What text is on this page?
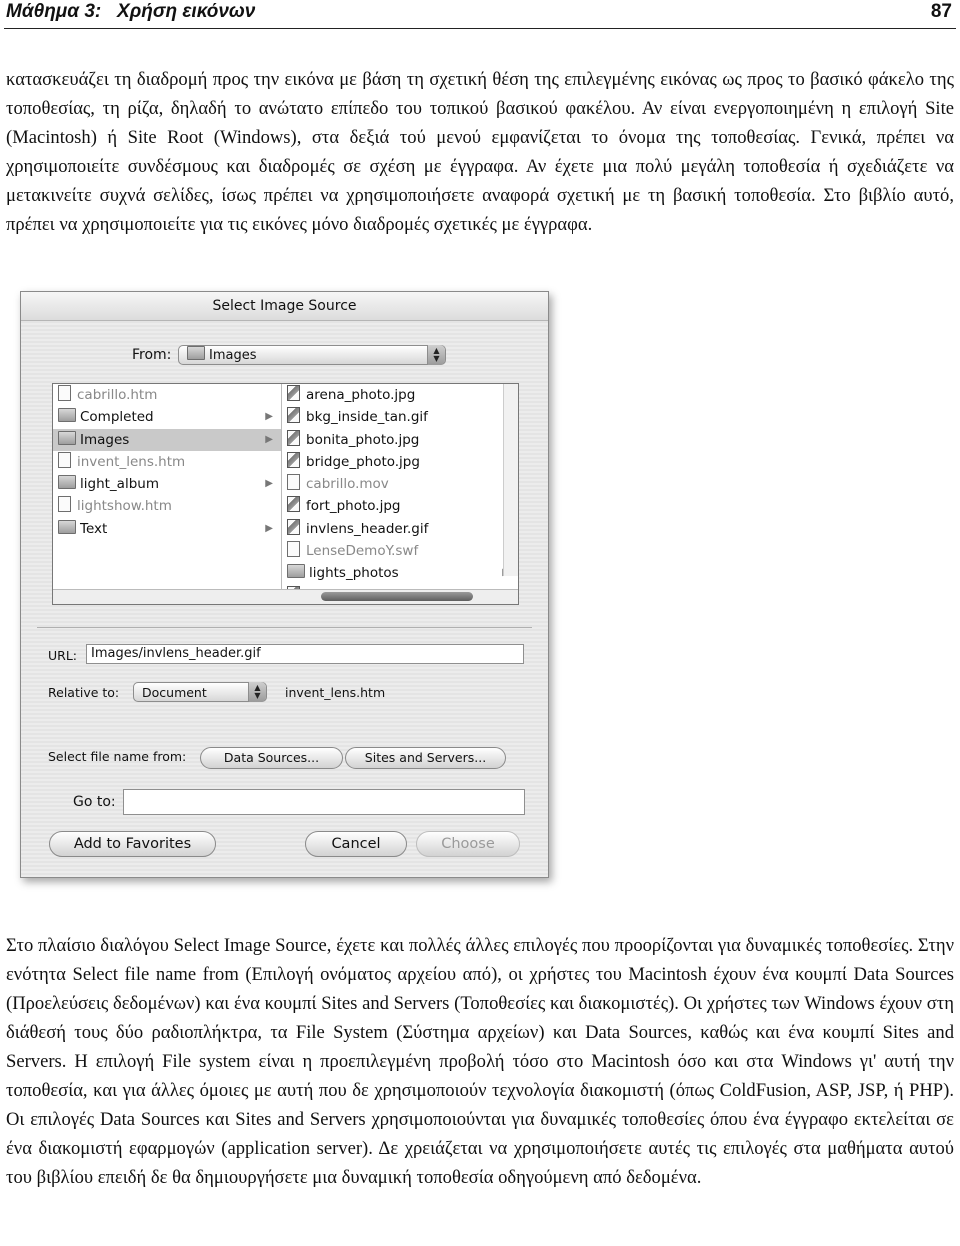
Μάθημα 3:   Χρήση εικόνων	87
κατασκευάζει τη διαδρομή προς την εικόνα με βάση τη σχετική θέση της επιλεγμένης εικόνας ως προς το βασικό φάκελο της τοποθεσίας, τη ρίζα, δηλαδή το ανώτατο επίπεδο του τοπικού βασικού φακέλου. Αν είναι ενεργοποιημένη η επιλογή Site (Macintosh) ή Site Root (Windows), στα δεξιά τού μενού εμφανίζεται το όνομα της τοποθεσίας. Γενικά, πρέπει να χρησιμοποιείτε συνδέσμους και διαδρομές σε σχέση με έγγραφα. Αν έχετε μια πολύ μεγάλη τοποθεσία ή σχεδιάζετε να μετακινείτε συχνά σελίδες, ίσως πρέπει να χρησιμοποιήσετε αναφορά σχετική με τη βασική τοποθεσία. Στο βιβλίο αυτό, πρέπει να χρησιμοποιείτε για τις εικόνες μόνο διαδρομές σχετικές με έγγραφα.
Select Image Source
From:	Images	▲
▼
cabrillo.htm
Completed	▶
Images	▶
invent_lens.htm
light_album	▶
lightshow.htm
Text	▶
arena_photo.jpg
bkg_inside_tan.gif
bonita_photo.jpg
bridge_photo.jpg
cabrillo.mov
fort_photo.jpg
invlens_header.gif
LenseDemoY.swf
lights_photos
URL:	Images/invlens_header.gif
Relative to:	Document	▲
▼	invent_lens.htm
Select file name from:	Data Sources...	Sites and Servers...
Go to:
Add to Favorites	Cancel	Choose
Στο πλαίσιο διαλόγου Select Image Source, έχετε και πολλές άλλες επιλογές που προορίζονται για δυναμικές τοποθεσίες. Στην ενότητα Select file name from (Επιλογή ονόματος αρχείου από), οι χρήστες του Macintosh έχουν ένα κουμπί Data Sources (Προελεύσεις δεδομένων) και ένα κουμπί Sites and Servers (Τοποθεσίες και διακομιστές). Οι χρήστες των Windows έχουν στη διάθεσή τους δύο ραδιοπλήκτρα, τα File System (Σύστημα αρχείων) και Data Sources, καθώς και ένα κουμπί Sites and Servers. Η επιλογή File system είναι η προεπιλεγμένη προβολή τόσο στο Macintosh όσο και στα Windows γι' αυτή την τοποθεσία, και για άλλες όμοιες με αυτή που δε χρησιμοποιούν τεχνολογία διακομιστή (όπως ColdFusion, ASP, JSP, ή PHP). Οι επιλογές Data Sources και Sites and Servers χρησιμοποιούνται για δυναμικές τοποθεσίες όπου ένα έγγραφο εκτελείται σε ένα διακομιστή εφαρμογών (application server). Δε χρειάζεται να χρησιμοποιήσετε αυτές τις επιλογές στα μαθήματα αυτού του βιβλίου επειδή δε θα δημιουργήσετε μια δυναμική τοποθεσία οδηγούμενη από δεδομένα.
